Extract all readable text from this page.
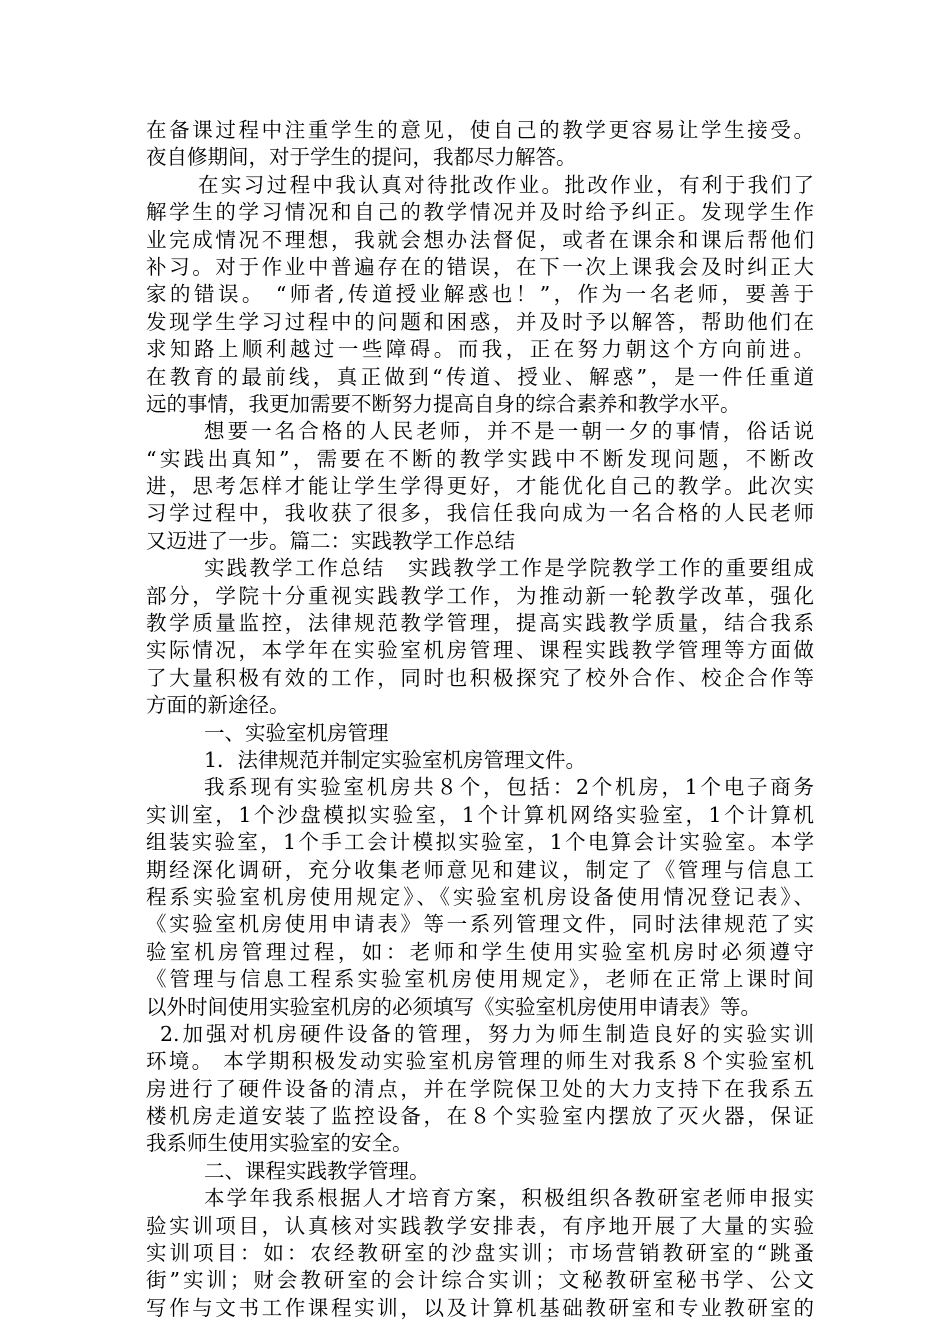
在备课过程中注重学生的意见，使自己的教学更容易让学生接受。
夜自修期间，对于学生的提问，我都尽力解答。
在实习过程中我认真对待批改作业。批改作业，有利于我们了
解学生的学习情况和自己的教学情况并及时给予纠正。发现学生作
业完成情况不理想，我就会想办法督促，或者在课余和课后帮他们
补习。对于作业中普遍存在的错误，在下一次上课我会及时纠正大
家的错误。 “师者,传道授业解惑也！”，作为一名老师，要善于
发现学生学习过程中的问题和困惑，并及时予以解答，帮助他们在
求知路上顺利越过一些障碍。而我，正在努力朝这个方向前进。
在教育的最前线，真正做到“传道、授业、解惑”，是一件任重道
远的事情，我更加需要不断努力提高自身的综合素养和教学水平。
想要一名合格的人民老师，并不是一朝一夕的事情，俗话说
“实践出真知”，需要在不断的教学实践中不断发现问题，不断改
进，思考怎样才能让学生学得更好，才能优化自己的教学。此次实
习学过程中，我收获了很多，我信任我向成为一名合格的人民老师
又迈进了一步。篇二：实践教学工作总结
实践教学工作总结　实践教学工作是学院教学工作的重要组成
部分，学院十分重视实践教学工作，为推动新一轮教学改革，强化
教学质量监控，法律规范教学管理，提高实践教学质量，结合我系
实际情况，本学年在实验室机房管理、课程实践教学管理等方面做
了大量积极有效的工作，同时也积极探究了校外合作、校企合作等
方面的新途径。
一、实验室机房管理
1．法律规范并制定实验室机房管理文件。
我系现有实验室机房共８个，包括：2个机房，1个电子商务
实训室，1个沙盘模拟实验室，1个计算机网络实验室，1个计算机
组装实验室，1个手工会计模拟实验室，1个电算会计实验室。本学
期经深化调研，充分收集老师意见和建议，制定了《管理与信息工
程系实验室机房使用规定》、《实验室机房设备使用情况登记表》、
《实验室机房使用申请表》等一系列管理文件，同时法律规范了实
验室机房管理过程，如：老师和学生使用实验室机房时必须遵守
《管理与信息工程系实验室机房使用规定》，老师在正常上课时间
以外时间使用实验室机房的必须填写《实验室机房使用申请表》等。
2.加强对机房硬件设备的管理，努力为师生制造良好的实验实训
环境。 本学期积极发动实验室机房管理的师生对我系８个实验室机
房进行了硬件设备的清点，并在学院保卫处的大力支持下在我系五
楼机房走道安装了监控设备，在８个实验室内摆放了灭火器，保证
我系师生使用实验室的安全。
二、课程实践教学管理。
本学年我系根据人才培育方案，积极组织各教研室老师申报实
验实训项目，认真核对实践教学安排表，有序地开展了大量的实验
实训项目：如：农经教研室的沙盘实训；市场营销教研室的“跳蚤
街”实训；财会教研室的会计综合实训；文秘教研室秘书学、公文
写作与文书工作课程实训，以及计算机基础教研室和专业教研室的
